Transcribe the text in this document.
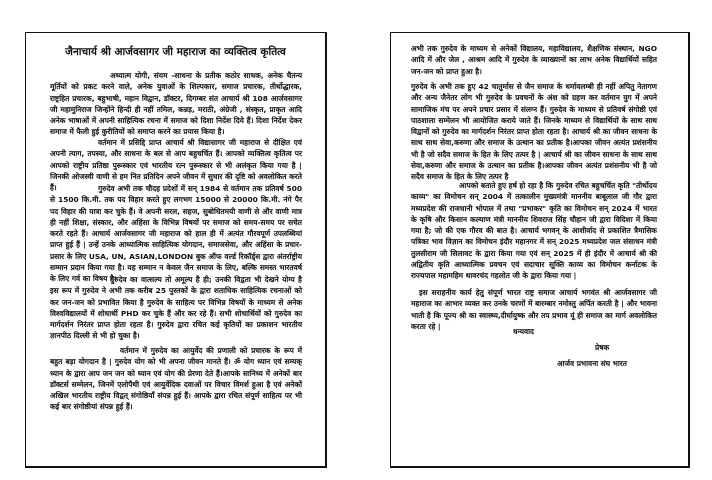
जैनाचार्य श्री आर्जवसागर जी महाराज का व्यक्तित्व कृतित्व

अध्यात्म योगी, संयम -साधना के प्रतीक कठोर साधक, अनेक चैतन्य मूर्तियों को प्रकट करने वाले, अनेक युवाओं के शिल्पकार, समाज प्रचारक, तीर्थोद्धारक, राष्ट्रहित प्रचारक, बहुभाषी, महान विद्वान, डॉक्टर, दिगम्बर संत आचार्य श्री 108 आर्जवसागर जी महामुनिराज जिन्होंने हिन्दी ही नहीं तमिल, कन्नड़, मराठी, अंग्रेजी , संस्कृत, प्राकृत आदि अनेक भाषाओं में अपनी साहित्यिक रचना में समाज को दिशा निर्देश दिये हैं। दिशा निर्देश देकर समाज में फैली हुई कुरीतियों को समाप्त करने का प्रयास किया है।

वर्तमान में प्रसिद्दि प्राप्त आचार्य श्री विद्यासागर जी महाराज से दीक्षित एवं अपनी त्याग, तपस्या, और साधना के बल से आप बहुचर्चित हैं। आपको व्यक्तित्व कृतित्व पर आपको राष्ट्रीय प्रतिष्ठा पुरूस्कार एवं भारतीय रत्न पुरूस्कार से भी अलंकृत किया गया है | जिनकी ओजस्वी वाणी से हम नित प्रतिदिन अपने जीवन में सुधार की दृष्टि को अवलोकित करते हैं।	गुरुदेव अभी तक चौदह प्रदेशों में सन् 1984 से वर्तमान तक प्रतिवर्ष 500 से 1500 कि.मी. तक पद विहार करते हुए लगभग 15000 से 20000 कि.मी. नंगे पैर पद विहार की यात्रा कर चुके हैं। वे अपनी सरल, सहज, सुबोधितमयी वाणी से और वाणी मात्र ही नहीं शिक्षा, संस्कार, और अहिंसा के विभिन्न विषयों पर समाज को समय-समय पर सचेत करते रहते हैं। आचार्य आर्जवसागर जी महाराज को हाल ही में अत्यंत गौरवपूर्ण उपलब्धियां प्राप्त हुई हैं | उन्हें उनके आध्यात्मिक साहित्यिक योगदान, समाजसेवा, और अहिंसा के प्रचार-प्रसार के लिए USA, UN, ASIAN,LONDON बुक ऑफ वर्ल्ड रिकॉर्ड्स द्वारा अंतर्राष्ट्रीय सम्मान प्रदान किया गया है। यह सम्मान न केवल जैन समाज के लिए, बल्कि समस्त भारतवर्ष के लिए गर्व का विषय है।

गुरुदेव का वात्सल्य तो अमूल्य है ही; उनकी विद्वता भी देखने योग्य है इस रूप में गुरुदेव ने अभी तक करीब 25 पुस्तकों के द्वारा शताधिक साहित्यिक रचनाओं को कर जन-जन को प्रभावित किया है गुरुदेव के साहित्य पर विभिन्न विषयों के माध्यम से अनेक विश्वविद्यालयों में शोधार्थी PHD कर चुके हैं और कर रहे हैं। सभी शोधार्थियों को गुरुदेव का मार्गदर्शन निरंतर प्राप्त होता रहता है। गुरुदेव द्वारा रचित कई कृतियों का प्रकाशन भारतीय ज्ञानपीठ दिल्ली से भी हो चुका है।

वर्तमान में गुरुदेव का आयुर्वेद की प्रणाली को प्रचारक के रूप में बहुत बड़ा योगदान है | गुरुदेव योग को भी अपना जीवन मानते हैं। ॐ योग ध्यान एवं सम्यक् ध्यान के द्वारा आप जन जन को ध्यान एवं योग की प्रेरणा देते हैं।आपके सानिध्य में अनेकों बार डॉक्टर्स सम्मेलन, जिनमें एलोपैथी एवं आयुर्वेदिक दवाओं पर विचार विमर्श हुआ है एवं अनेकों अखिल भारतीय राष्ट्रीय विद्वत् संगोष्ठियाँ संपन्न हुई हैं। आपके द्वारा रचित संपूर्ण साहित्य पर भी कई बार संगोष्ठीयां संपन्न हुई हैं।

अभी तक गुरुदेव के माध्यम से अनेकों विद्यालय, महाविद्यालय, शैक्षणिक संस्थान, NGO आदि में और जेल , आश्रम आदि में गुरुदेव के व्याख्यानों का लाभ अनेक विद्यार्थियों सहित जन-जन को प्राप्त हुआ है।

गुरुदेव के अभी तक हुए 42 चातुर्मास से जैन समाज के धर्मावलम्बी ही नहीं अपितु नेतागण और अन्य जैनेतर लोग भी गुरुदेव के प्रवचनों के अंश को ग्रहण कर वर्तमान युग में अपने सामाजिक मंच पर अपने प्रचार प्रसार में संलग्न हैं। गुरुदेव के माध्यम से प्रतिवर्ष संगोष्ठी एवं पाठशाला सम्मेलन भी आयोजित कराये जाते हैं। जिनके माध्यम से विद्यार्थियों के साथ साथ विद्वानों को गुरुदेव का मार्गदर्शन निरंतर प्राप्त होता रहता है। आचार्य श्री का जीवन साधना के साथ साथ सेवा,करुणा और समाज के उत्थान का प्रतीक है।आपका जीवन अत्यंत प्रशंसनीय भी है जो सदैव समाज के हित के लिए तत्पर है | आचार्य श्री का जीवन साधना के साथ साथ सेवा,करुणा और समाज के उत्थान का प्रतीक है।आपका जीवन अत्यंत प्रशंसनीय भी है जो सदैव समाज के हित के लिए तत्पर है

आपको बताते हुए हर्ष हो रहा है कि गुरुदेव रचित बहुचर्चित कृति "तीर्थोदय काव्य" का विमोचन सन् 2004 में तत्कालीन मुख्यमंत्री माननीय बाबूलाल जी गौर द्वारा मध्यप्रदेश की राजधानी भोपाल में तथा "प्रभाकर" कृति का विमोचन सन् 2024 में भारत के कृषि और किसान कल्याण मंत्री माननीय शिवराज सिंह चौहान जी द्वारा विदिशा में किया गया है; जो की एक गौरव की बात है। आचार्य भगवन् के आशीर्वाद से प्रकाशित त्रैमासिक पत्रिका भाव विज्ञान का विमोचन इंदौर महानगर में सन् 2025 मध्यप्रदेश जल संसाधन मंत्री तुलसीराम जी सिलावट के द्वारा किया गया एवं सन् 2025 में ही इंदौर में आचार्य श्री की अद्वितीय कृति आध्यात्मिक प्रवचन एवं सदाचार सूक्ति काव्य का विमोचन कर्नाटक के राज्यपाल महामहिम थावरचंद गहलोत जी के द्वारा किया गया |

इस सराहनीय कार्य हेतु संपूर्ण भारत राष्ट्र समाज आचार्य भगवंत श्री आर्जवसागर जी महाराज का आभार व्यक्त कर उनके चरणों में बारम्बार नमोस्तु अर्पित करती है | और भावना भाती है कि पूज्य श्री का स्वास्थ्य,दीर्घायुष्क और तप प्रभाव यूं ही समाज का मार्ग अवलोकित करता रहे |

धन्यवाद
प्रेषक
आर्जव प्रभावना संघ भारत
